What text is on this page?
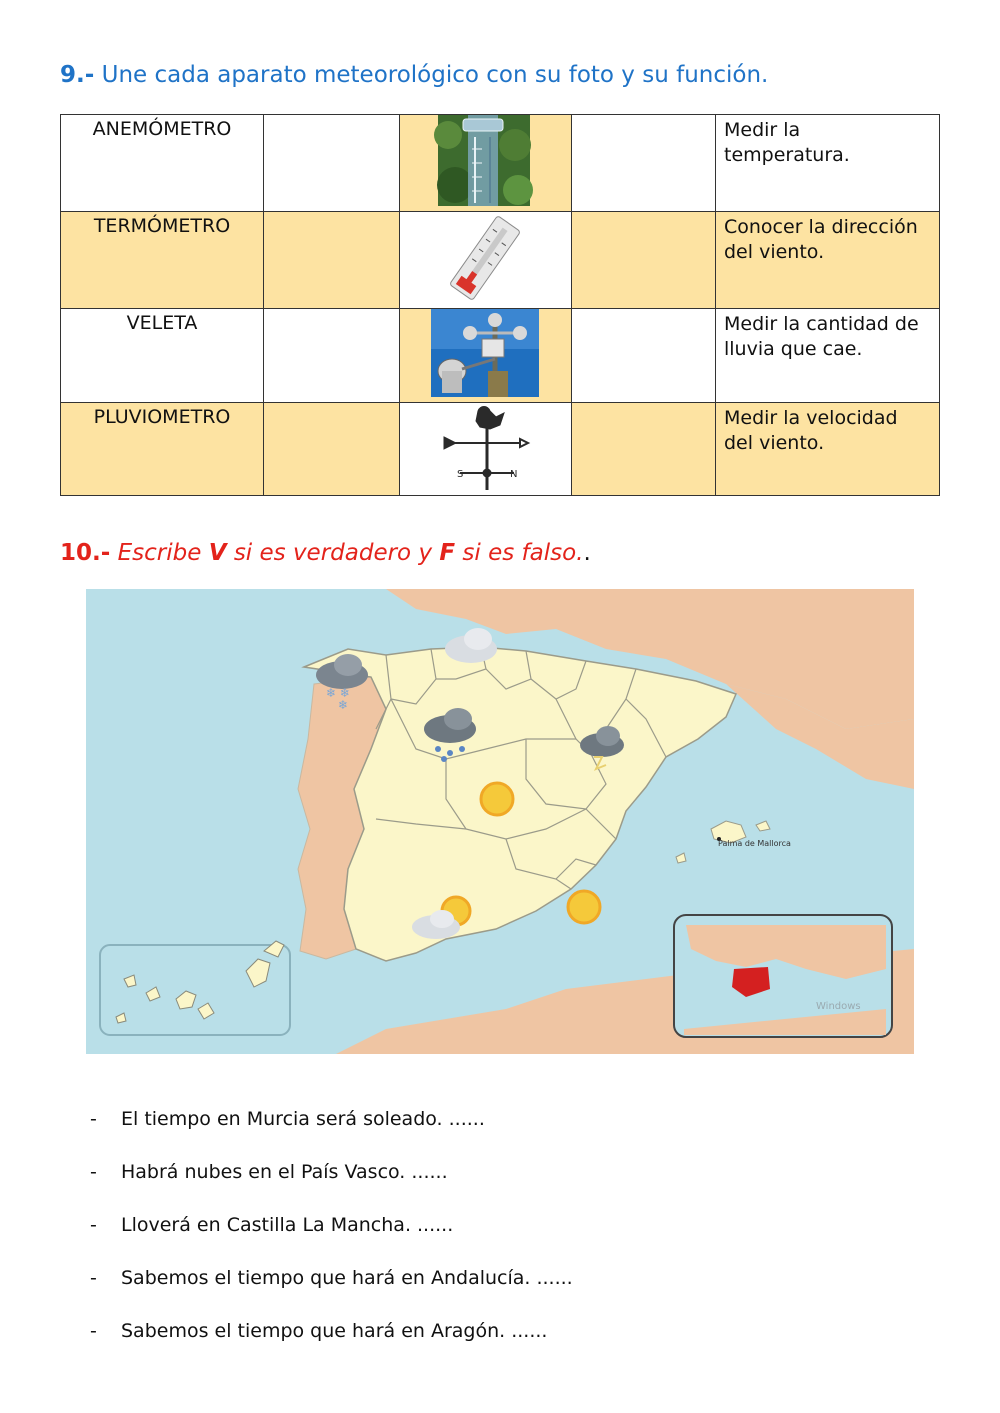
9.- Une cada aparato meteorológico con su foto y su función.
ANEMÓMETRO				Medir la
temperatura.

TERMÓMETRO				Conocer la dirección
del viento.

VELETA				Medir la cantidad de
lluvia que cae.

PLUVIOMETRO		S N		Medir la velocidad
del viento.
10.- Escribe V si es verdadero y F si es falso..
Palma de Mallorca
Windows
❄ ❄
❄
- El tiempo en Murcia será soleado. ......
- Habrá nubes en el País Vasco. ......
- Lloverá en Castilla La Mancha. ......
- Sabemos el tiempo que hará en Andalucía. ......
- Sabemos el tiempo que hará en Aragón. ......
